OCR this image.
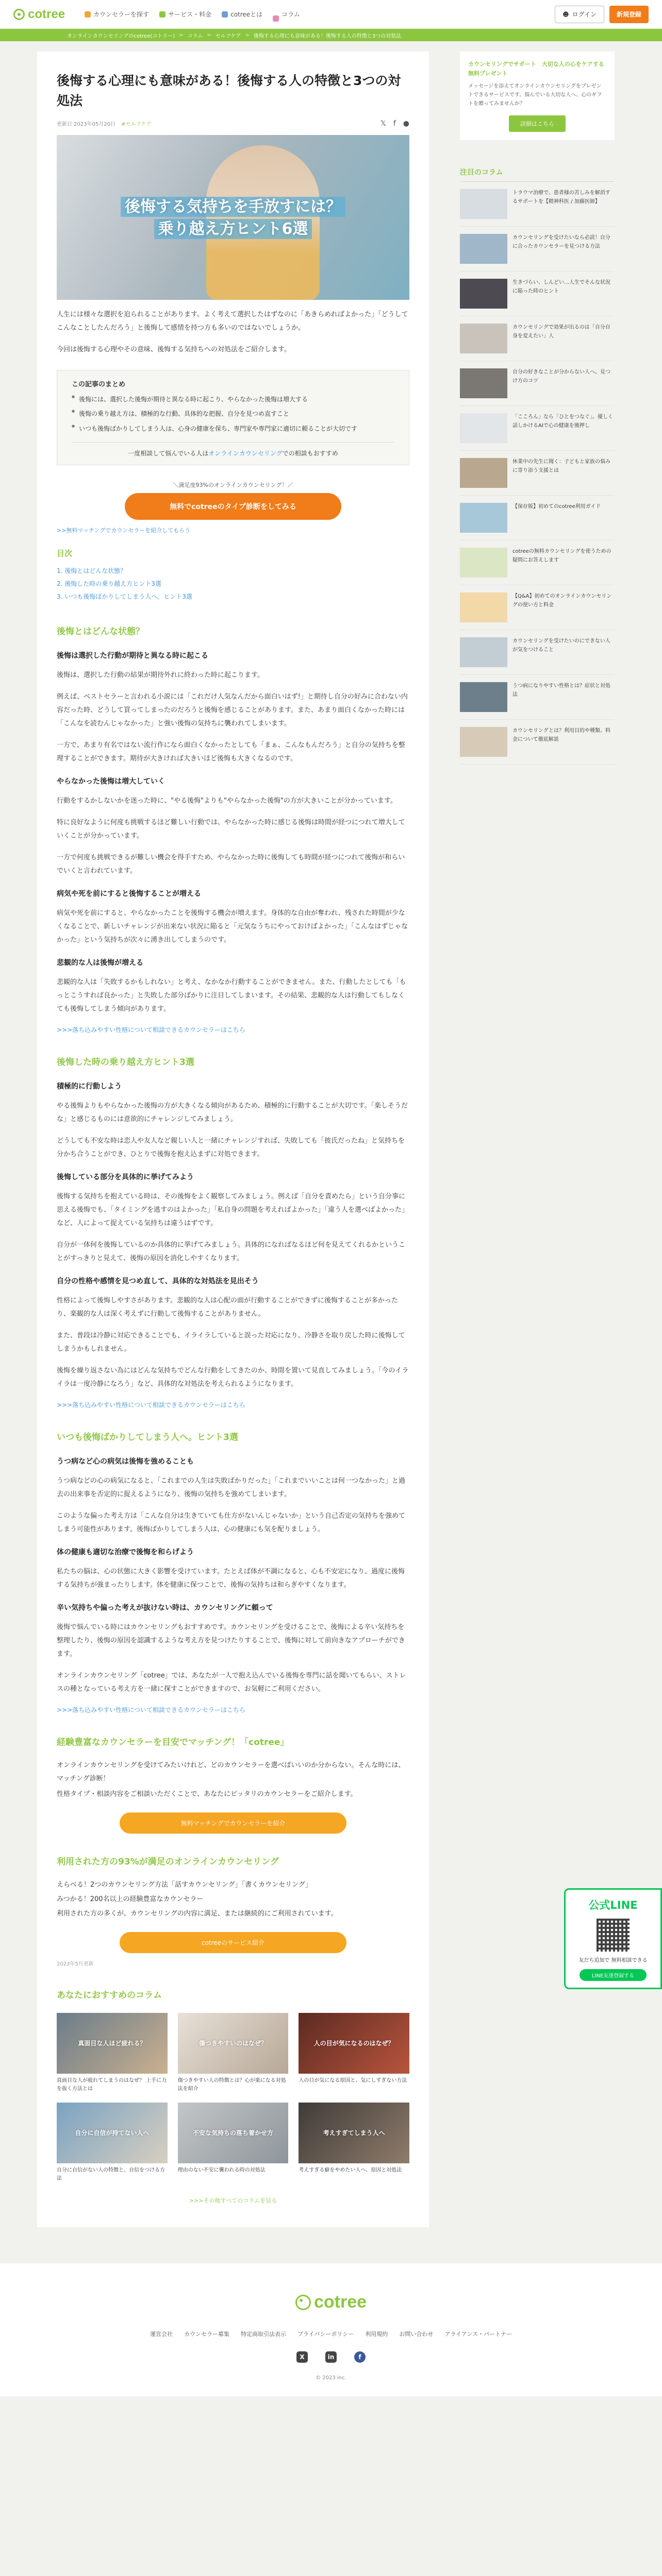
cotree	カウンセラーを探す	サービス・料金	cotreeとは	コラム	☻ ログイン	新規登録
オンラインカウンセリングのcotree(コトリー) > コラム > セルフケア > 後悔する心理にも意味がある！後悔する人の特徴と3つの対処法
後悔する心理にも意味がある！後悔する人の特徴と3つの対処法
更新日 2023年05月20日 #セルフケア	𝕏 f ●
後悔する気持ちを手放すには？
乗り越え方ヒント6選

人生には様々な選択を迫られることがあります。よく考えて選択したはずなのに「あきらめればよかった」「どうしてこんなことしたんだろう」と後悔して感情を持つ方も多いのではないでしょうか。

今回は後悔する心理やその意味、後悔する気持ちへの対処法をご紹介します。

この記事のまとめ
● 後悔には、選択した後悔が期待と異なる時に起こり、やらなかった後悔は増大する
● 後悔の乗り越え方は、積極的な行動、具体的な把握、自分を見つめ直すこと
● いつも後悔ばかりしてしまう人は、心身の健康を保ち、専門家や専門家に適切に頼ることが大切です
一度相談して悩んでいる人はオンラインカウンセリングでの相談もおすすめ
＼満足度93%のオンラインカウンセリング！／
無料でcotreeのタイプ診断をしてみる
>>無料マッチングでカウンセラーを紹介してもらう
目次
1. 後悔とはどんな状態？
2. 後悔した時の乗り越え方ヒント3選
3. いつも後悔ばかりしてしまう人へ。ヒント3選
後悔とはどんな状態？
後悔は選択した行動が期待と異なる時に起こる

後悔は、選択した行動の結果が期待外れに終わった時に起こります。

例えば、ベストセラーと言われる小説には「これだけ人気なんだから面白いはず!」と期待し自分の好みに合わない内容だった時、どうして買ってしまったのだろうと後悔を感じることがあります。また、あまり面白くなかった時には「こんなを読むんじゃなかった」と強い後悔の気持ちに襲われてしまいます。

一方で、あまり有名ではない流行作になら面白くなかったとしても「まぁ、こんなもんだろう」と自分の気持ちを整理することができます。期待が大きければ大きいほど後悔も大きくなるのです。

やらなかった後悔は増大していく

行動をするかしないかを迷った時に、"やる後悔"よりも"やらなかった後悔"の方が大きいことが分かっています。

特に良好なように何度も挑戦するほど難しい行動では、やらなかった時に感じる後悔は時間が経つにつれて増大していくことが分かっています。

一方で何度も挑戦できるが難しい機会を得手すため、やらなかった時に後悔しても時間が経つにつれて後悔が和らいでいくと言われています。

病気や死を前にすると後悔することが増える

病気や死を前にすると、やらなかったことを後悔する機会が増えます。身体的な自由が奪われ、残された時間が少なくなることで、新しいチャレンジが出来ない状況に陥ると「元気なうちにやっておけばよかった」「こんなはずじゃなかった」という気持ちが次々に湧き出してしまうのです。

悲観的な人は後悔が増える

悲観的な人は「失敗するかもしれない」と考え、なかなか行動することができません。また、行動したとしても「もっとこうすれば良かった」と失敗した部分ばかりに注目してしまいます。その結果、悲観的な人は行動してもしなくても後悔してしまう傾向があります。

>>>落ち込みやすい性格について相談できるカウンセラーはこちら
後悔した時の乗り越え方ヒント3選
積極的に行動しよう

やる後悔よりもやらなかった後悔の方が大きくなる傾向があるため、積極的に行動することが大切です。「楽しそうだな」と感じるものには意欲的にチャレンジしてみましょう。

どうしても不安な時は恋人や友人など親しい人と一緒にチャレンジすれば、失敗しても「彼氏だったね」と気持ちを分かち合うことができ、ひとりで後悔を抱え込まずに対処できます。

後悔している部分を具体的に挙げてみよう

後悔する気持ちを抱えている時は、その後悔をよく観察してみましょう。例えば「自分を責めたら」という自分事に思える後悔でも、「タイミングを逃すのはよかった」「私自身の問題を考えればよかった」「違う人を選べばよかった」など、人によって捉えている気持ちは違うはずです。

自分が一体何を後悔しているのか具体的に挙げてみましょう。具体的になればなるほど何を見えてくれるかということがすっきりと見えて、後悔の原因を消化しやすくなります。

自分の性格や感情を見つめ直して、具体的な対処法を見出そう

性格によって後悔しやすさがあります。悲観的な人は心配の面が行動することができずに後悔することが多かったり、楽観的な人は深く考えずに行動して後悔することがありません。

また、普段は冷静に対応できることでも、イライラしていると誤った対応になり、冷静さを取り戻した時に後悔してしまうかもしれません。

後悔を繰り返さない為にはどんな気持ちでどんな行動をしてきたのか、時間を置いて見直してみましょう。「今のイライラは一度冷静になろう」など、具体的な対処法を考えられるようになります。

>>>落ち込みやすい性格について相談できるカウンセラーはこちら
いつも後悔ばかりしてしまう人へ。ヒント3選
うつ病など心の病気は後悔を強めることも

うつ病などの心の病気になると、「これまでの人生は失敗ばかりだった」「これまでいいことは何一つなかった」と過去の出来事を否定的に捉えるようになり、後悔の気持ちを強めてしまいます。

このような偏った考え方は「こんな自分は生きていても仕方がないんじゃないか」という自己否定の気持ちを強めてしまう可能性があります。後悔ばかりしてしまう人は、心の健康にも気を配りましょう。

体の健康も適切な治療で後悔を和らげよう

私たちの脳は、心の状態に大きく影響を受けています。たとえば体が不調になると、心も不安定になり、過度に後悔する気持ちが強まったりします。体を健康に保つことで、後悔の気持ちは和らぎやすくなります。

辛い気持ちや偏った考えが抜けない時は、カウンセリングに頼って

後悔で悩んでいる時にはカウンセリングもおすすめです。カウンセリングを受けることで、後悔による辛い気持ちを整理したり、後悔の原因を認識するような考え方を見つけたりすることで、後悔に対して前向きなアプローチができます。

オンラインカウンセリング「cotree」では、あなたが一人で抱え込んでいる後悔を専門に話を聞いてもらい、ストレスの種となっている考え方を一緒に探すことができますので、お気軽にご利用ください。

>>>落ち込みやすい性格について相談できるカウンセラーはこちら
経験豊富なカウンセラーを目安でマッチング！「cotree」

オンラインカウンセリングを受けてみたいけれど、どのカウンセラーを選べばいいのか分からない。そんな時には、マッチング診断！

性格タイプ・相談内容をご相談いただくことで、あなたにピッタリのカウンセラーをご紹介します。

無料マッチングでカウンセラーを紹介
利用された方の93%が満足のオンラインカウンセリング

えらべる！2つのカウンセリング方法「話すカウンセリング」「書くカウンセリング」

みつかる！200名以上の経験豊富なカウンセラー

利用された方の多くが、カウンセリングの内容に満足、または継続的にご利用されています。

cotreeのサービス紹介
2023年5月更新
あなたにおすすめのコラム
真面目な人ほど疲れる？
真面目な人が疲れてしまうのはなぜ？ 上手に力を抜く方法とは
傷つきやすいのはなぜ？
傷つきやすい人の特徴とは？心が楽になる対処法を紹介
人の目が気になるのはなぜ？
人の目が気になる原因と、気にしすぎない方法
自分に自信が持てない人へ
自分に自信がない人の特徴と、自信をつける方法
不安な気持ちの落ち着かせ方
理由のない不安に襲われる時の対処法
考えすぎてしまう人へ
考えすぎる癖をやめたい人へ、原因と対処法
>>>その他すべてのコラムを見る
カウンセリングでサポート　大切な人の心をケアする無料プレゼント
メッセージを添えてオンラインカウンセリングをプレゼントできるサービスです。悩んでいる大切な人へ、心のギフトを贈ってみませんか？
詳細はこちら
注目のコラム
トラウマ治療で、患者様の苦しみを解消するサポートを【精神科医 / 加藤医師】
カウンセリングを受けたいなら必読！自分に合ったカウンセラーを見つける方法
生きづらい、しんどい…人生でそんな状況に陥った時のヒント
カウンセリングで効果が出るのは「自分自身を変えたい」人
自分の好きなことが分からない人へ。見つけ方のコツ
「こころん」なら「ひとをつなぐ」。優しく話しかけるAIで心の健康を後押し
休業中の先生に聞く：子どもと家族の悩みに寄り添う支援とは
【保存版】初めてのcotree利用ガイド
cotreeの無料カウンセリングを使うための疑問にお答えします
【Q&A】初めてのオンラインカウンセリングの使い方と料金
カウンセリングを受けたいのにできない人が気をつけること
うつ病になりやすい性格とは？症状と対処法
カウンセリングとは？利用目的や種類、料金について徹底解説
公式LINE
友だち追加で 無料相談できる
LINE友達登録する
cotree
運営会社 カウンセラー募集 特定商取引法表示 プライバシーポリシー 利用規約 お問い合わせ アライアンス・パートナー
X	in	f
© 2023 inc.
